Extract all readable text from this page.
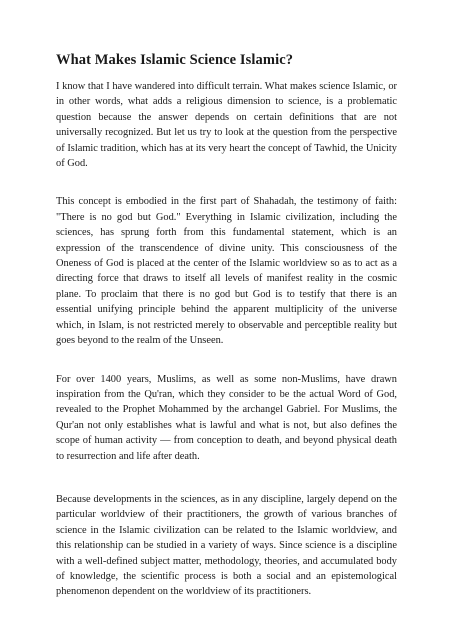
What Makes Islamic Science Islamic?

I know that I have wandered into difficult terrain. What makes science Islamic, or in other words, what adds a religious dimension to science, is a problematic question because the answer depends on certain definitions that are not universally recognized. But let us try to look at the question from the perspective of Islamic tradition, which has at its very heart the concept of Tawhid, the Unicity of God.

This concept is embodied in the first part of Shahadah, the testimony of faith: "There is no god but God." Everything in Islamic civilization, including the sciences, has sprung forth from this fundamental statement, which is an expression of the transcendence of divine unity. This consciousness of the Oneness of God is placed at the center of the Islamic worldview so as to act as a directing force that draws to itself all levels of manifest reality in the cosmic plane. To proclaim that there is no god but God is to testify that there is an essential unifying principle behind the apparent multiplicity of the universe which, in Islam, is not restricted merely to observable and perceptible reality but goes beyond to the realm of the Unseen.

For over 1400 years, Muslims, as well as some non-Muslims, have drawn inspiration from the Qu'ran, which they consider to be the actual Word of God, revealed to the Prophet Mohammed by the archangel Gabriel. For Muslims, the Qur'an not only establishes what is lawful and what is not, but also defines the scope of human activity — from conception to death, and beyond physical death to resurrection and life after death.

Because developments in the sciences, as in any discipline, largely depend on the particular worldview of their practitioners, the growth of various branches of science in the Islamic civilization can be related to the Islamic worldview, and this relationship can be studied in a variety of ways. Since science is a discipline with a well-defined subject matter, methodology, theories, and accumulated body of knowledge, the scientific process is both a social and an epistemological phenomenon dependent on the worldview of its practitioners.
